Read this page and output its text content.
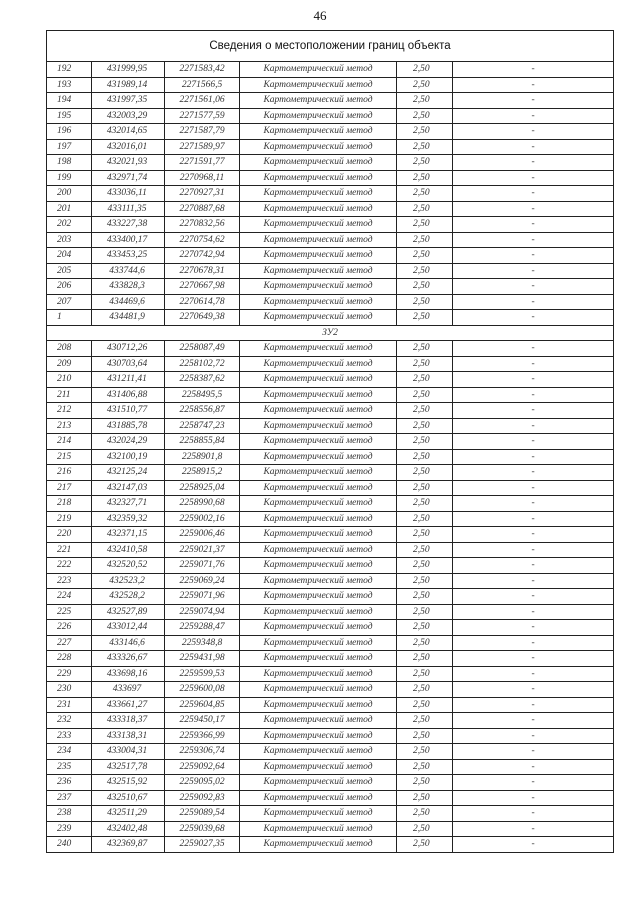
46
Сведения о местоположении границ объекта					
192	431999,95	2271583,42	Картометрический метод	2,50	-
193	431989,14	2271566,5	Картометрический метод	2,50	-
194	431997,35	2271561,06	Картометрический метод	2,50	-
195	432003,29	2271577,59	Картометрический метод	2,50	-
196	432014,65	2271587,79	Картометрический метод	2,50	-
197	432016,01	2271589,97	Картометрический метод	2,50	-
198	432021,93	2271591,77	Картометрический метод	2,50	-
199	432971,74	2270968,11	Картометрический метод	2,50	-
200	433036,11	2270927,31	Картометрический метод	2,50	-
201	433111,35	2270887,68	Картометрический метод	2,50	-
202	433227,38	2270832,56	Картометрический метод	2,50	-
203	433400,17	2270754,62	Картометрический метод	2,50	-
204	433453,25	2270742,94	Картометрический метод	2,50	-
205	433744,6	2270678,31	Картометрический метод	2,50	-
206	433828,3	2270667,98	Картометрический метод	2,50	-
207	434469,6	2270614,78	Картометрический метод	2,50	-
1	434481,9	2270649,38	Картометрический метод	2,50	-
ЗУ2					
208	430712,26	2258087,49	Картометрический метод	2,50	-
209	430703,64	2258102,72	Картометрический метод	2,50	-
210	431211,41	2258387,62	Картометрический метод	2,50	-
211	431406,88	2258495,5	Картометрический метод	2,50	-
212	431510,77	2258556,87	Картометрический метод	2,50	-
213	431885,78	2258747,23	Картометрический метод	2,50	-
214	432024,29	2258855,84	Картометрический метод	2,50	-
215	432100,19	2258901,8	Картометрический метод	2,50	-
216	432125,24	2258915,2	Картометрический метод	2,50	-
217	432147,03	2258925,04	Картометрический метод	2,50	-
218	432327,71	2258990,68	Картометрический метод	2,50	-
219	432359,32	2259002,16	Картометрический метод	2,50	-
220	432371,15	2259006,46	Картометрический метод	2,50	-
221	432410,58	2259021,37	Картометрический метод	2,50	-
222	432520,52	2259071,76	Картометрический метод	2,50	-
223	432523,2	2259069,24	Картометрический метод	2,50	-
224	432528,2	2259071,96	Картометрический метод	2,50	-
225	432527,89	2259074,94	Картометрический метод	2,50	-
226	433012,44	2259288,47	Картометрический метод	2,50	-
227	433146,6	2259348,8	Картометрический метод	2,50	-
228	433326,67	2259431,98	Картометрический метод	2,50	-
229	433698,16	2259599,53	Картометрический метод	2,50	-
230	433697	2259600,08	Картометрический метод	2,50	-
231	433661,27	2259604,85	Картометрический метод	2,50	-
232	433318,37	2259450,17	Картометрический метод	2,50	-
233	433138,31	2259366,99	Картометрический метод	2,50	-
234	433004,31	2259306,74	Картометрический метод	2,50	-
235	432517,78	2259092,64	Картометрический метод	2,50	-
236	432515,92	2259095,02	Картометрический метод	2,50	-
237	432510,67	2259092,83	Картометрический метод	2,50	-
238	432511,29	2259089,54	Картометрический метод	2,50	-
239	432402,48	2259039,68	Картометрический метод	2,50	-
240	432369,87	2259027,35	Картометрический метод	2,50	-
